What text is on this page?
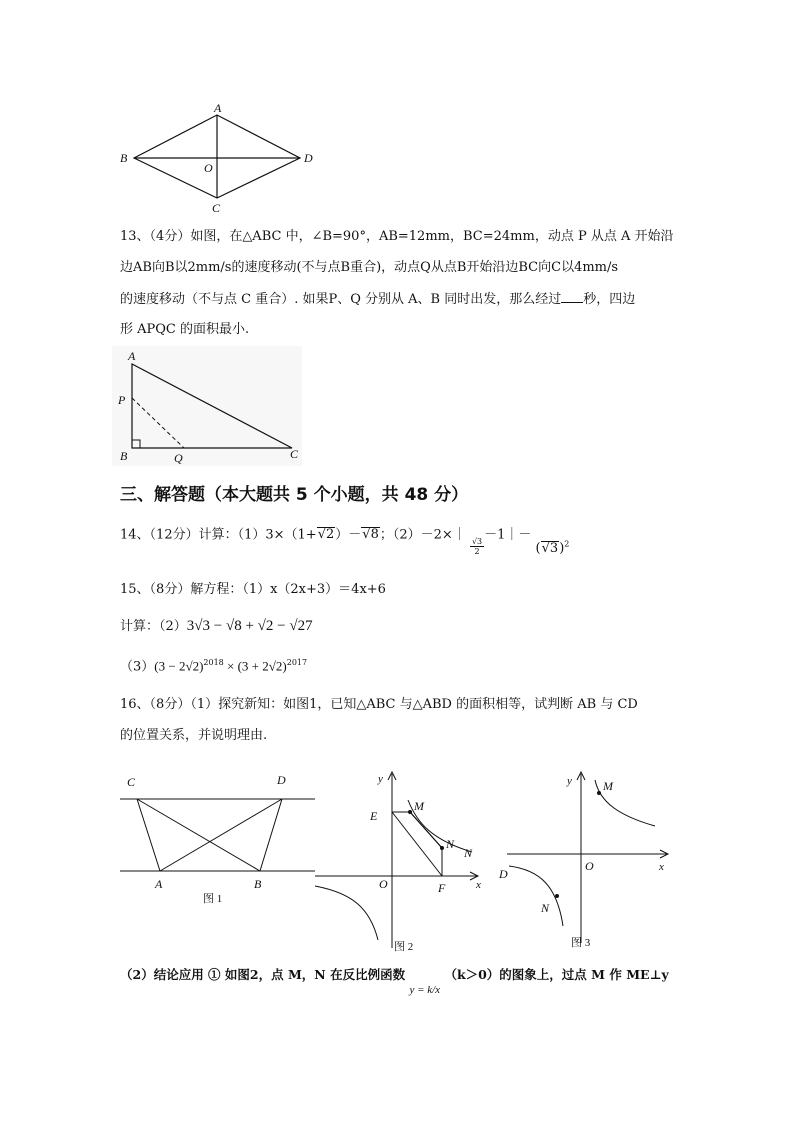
A
B
O
D
C
13、（4分）如图，在△ABC 中，∠B=90°，AB=12mm，BC=24mm，动点 P 从点 A 开始沿
边AB向B以2mm/s的速度移动(不与点B重合)，动点Q从点B开始沿边BC向C以4mm/s
的速度移动（不与点 C 重合）. 如果P、Q 分别从 A、B 同时出发，那么经过 秒，四边
形 APQC 的面积最小.
A
P
B	Q	C
三、解答题（本大题共 5 个小题，共 48 分）
14、（12分）计算：（1）3×（1+√2）－√8；（2）－2×｜
$\frac{√3}{2}$
－1｜－ $(√3)^2$
15、（8分）解方程：（1）x（2x+3）＝4x+6
计算：（2）3√3 − √8 + √2 − √27
$(3)(3 - 2√2)^{2018} \times (3 + 2√2)^{2017}$
16、（8分）（1）探究新知：如图1，已知△ABC 与△ABD 的面积相等，试判断 AB 与 CD
的位置关系，并说明理由.
C	D
A	B
图 1
y
E
M
N
N
O	F	x
图 2
y	M
O	x
D
N
图 3
（2）结论应用 ① 如图2，点 M，N 在反比例函数 y = k/x （k＞0）的图象上，过点 M 作 ME⊥y
